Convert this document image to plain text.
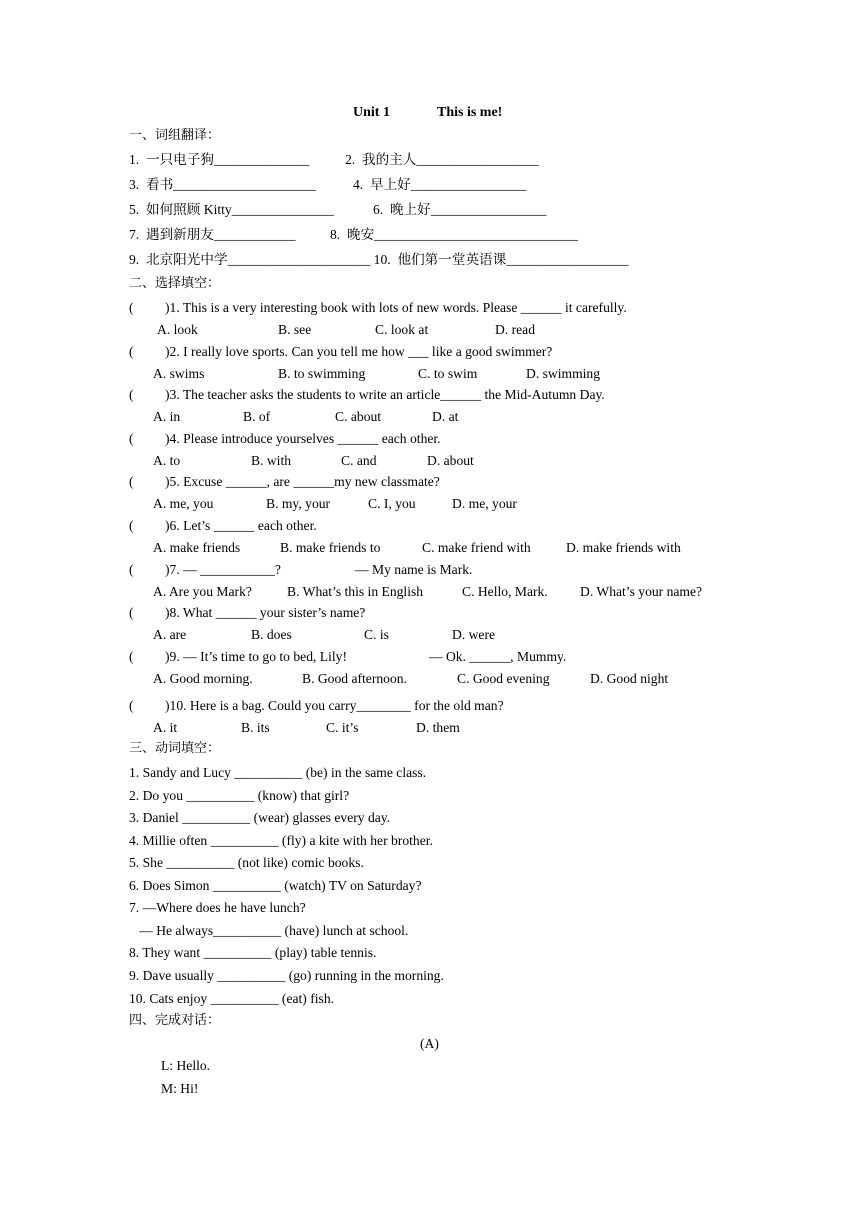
Unit 1	This is me!
一、词组翻译：
1.  一只电子狗______________	2.  我的主人__________________
3.  看书_____________________	4.  早上好_________________
5.  如何照顾 Kitty_______________	6.  晚上好_________________
7.  遇到新朋友____________	8.  晚安______________________________
9.  北京阳光中学_____________________ 10.  他们第一堂英语课__________________
二、选择填空：
( )1. This is a very interesting book with lots of new words. Please ______ it carefully.
A. look	B. see	C. look at	D. read
( )2. I really love sports. Can you tell me how ___ like a good swimmer?
A. swims	B. to swimming	C. to swim	D. swimming
( )3. The teacher asks the students to write an article______ the Mid-Autumn Day.
A. in	B. of	C. about	D. at
( )4. Please introduce yourselves ______ each other.
A. to	B. with	C. and	D. about
( )5. Excuse ______, are ______my new classmate?
A. me, you	B. my, your	C. I, you	D. me, your
( )6. Let’s ______ each other.
A. make friends	B. make friends to	C. make friend with	D. make friends with
( )7. — ___________?	— My name is Mark.
A. Are you Mark?	B. What’s this in English	C. Hello, Mark. D. What’s your name?
( )8. What ______ your sister’s name?
A. are	B. does	C. is	D. were
( )9. — It’s time to go to bed, Lily!	— Ok. ______, Mummy.
A. Good morning.	B. Good afternoon.	C. Good evening	D. Good night
( )10. Here is a bag. Could you carry________ for the old man?
A. it	B. its	C. it’s	D. them
三、动词填空：
1. Sandy and Lucy __________ (be) in the same class.
2. Do you __________ (know) that girl?
3. Daniel __________ (wear) glasses every day.
4. Millie often __________ (fly) a kite with her brother.
5. She __________ (not like) comic books.
6. Does Simon __________ (watch) TV on Saturday?
7. —Where does he have lunch?
— He always__________ (have) lunch at school.
8. They want __________ (play) table tennis.
9. Dave usually __________ (go) running in the morning.
10. Cats enjoy __________ (eat) fish.
四、完成对话：
(A)
L: Hello.
M: Hi!
